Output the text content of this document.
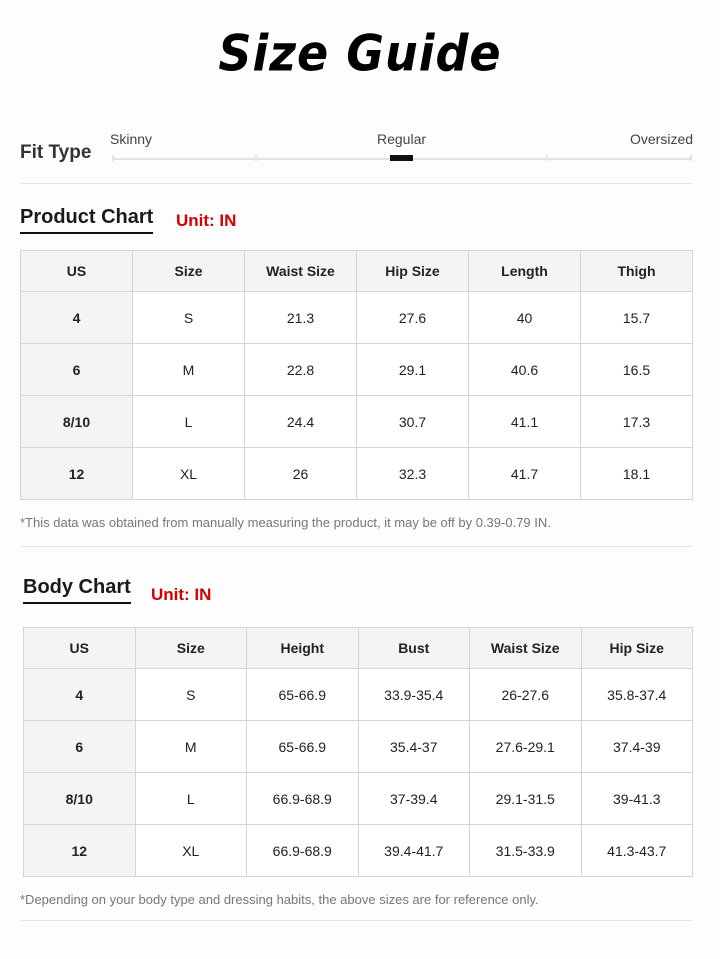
Size Guide
Fit Type
Skinny	Regular	Oversized
Product Chart Unit: IN
US	Size	Waist Size	Hip Size	Length	Thigh
4	S	21.3	27.6	40	15.7
6	M	22.8	29.1	40.6	16.5
8/10	L	24.4	30.7	41.1	17.3
12	XL	26	32.3	41.7	18.1
*This data was obtained from manually measuring the product, it may be off by 0.39-0.79 IN.
Body Chart Unit: IN
US	Size	Height	Bust	Waist Size	Hip Size
4	S	65-66.9	33.9-35.4	26-27.6	35.8-37.4
6	M	65-66.9	35.4-37	27.6-29.1	37.4-39
8/10	L	66.9-68.9	37-39.4	29.1-31.5	39-41.3
12	XL	66.9-68.9	39.4-41.7	31.5-33.9	41.3-43.7
*Depending on your body type and dressing habits, the above sizes are for reference only.
